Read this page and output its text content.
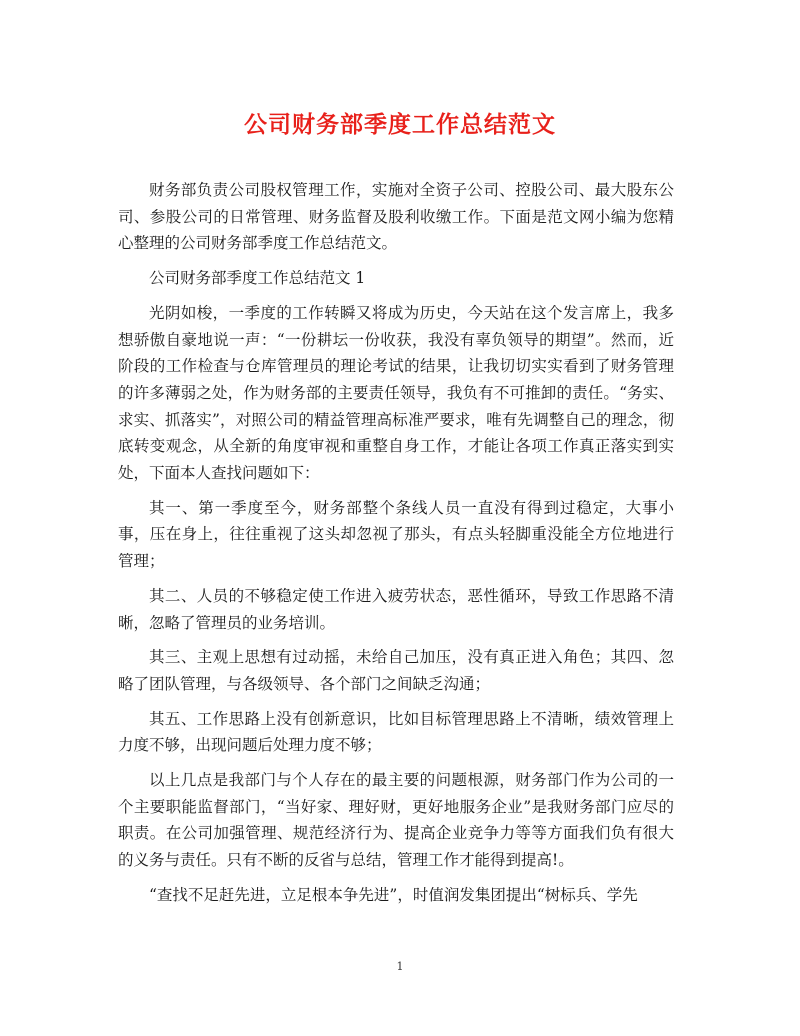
公司财务部季度工作总结范文

财务部负责公司股权管理工作，实施对全资子公司、控股公司、最大股东公司、参股公司的日常管理、财务监督及股利收缴工作。下面是范文网小编为您精心整理的公司财务部季度工作总结范文。

公司财务部季度工作总结范文 1

光阴如梭，一季度的工作转瞬又将成为历史，今天站在这个发言席上，我多想骄傲自豪地说一声：“一份耕坛一份收获，我没有辜负领导的期望”。然而，近阶段的工作检查与仓库管理员的理论考试的结果，让我切切实实看到了财务管理的许多薄弱之处，作为财务部的主要责任领导，我负有不可推卸的责任。“务实、求实、抓落实”，对照公司的精益管理高标准严要求，唯有先调整自己的理念，彻底转变观念，从全新的角度审视和重整自身工作，才能让各项工作真正落实到实处，下面本人查找问题如下：

其一、第一季度至今，财务部整个条线人员一直没有得到过稳定，大事小事，压在身上，往往重视了这头却忽视了那头，有点头轻脚重没能全方位地进行管理；

其二、人员的不够稳定使工作进入疲劳状态，恶性循环，导致工作思路不清晰，忽略了管理员的业务培训。

其三、主观上思想有过动摇，未给自己加压，没有真正进入角色；其四、忽略了团队管理，与各级领导、各个部门之间缺乏沟通；

其五、工作思路上没有创新意识，比如目标管理思路上不清晰，绩效管理上力度不够，出现问题后处理力度不够；

以上几点是我部门与个人存在的最主要的问题根源，财务部门作为公司的一个主要职能监督部门，“当好家、理好财，更好地服务企业”是我财务部门应尽的职责。在公司加强管理、规范经济行为、提高企业竞争力等等方面我们负有很大的义务与责任。只有不断的反省与总结，管理工作才能得到提高!。

“查找不足赶先进，立足根本争先进”，时值润发集团提出“树标兵、学先

1
